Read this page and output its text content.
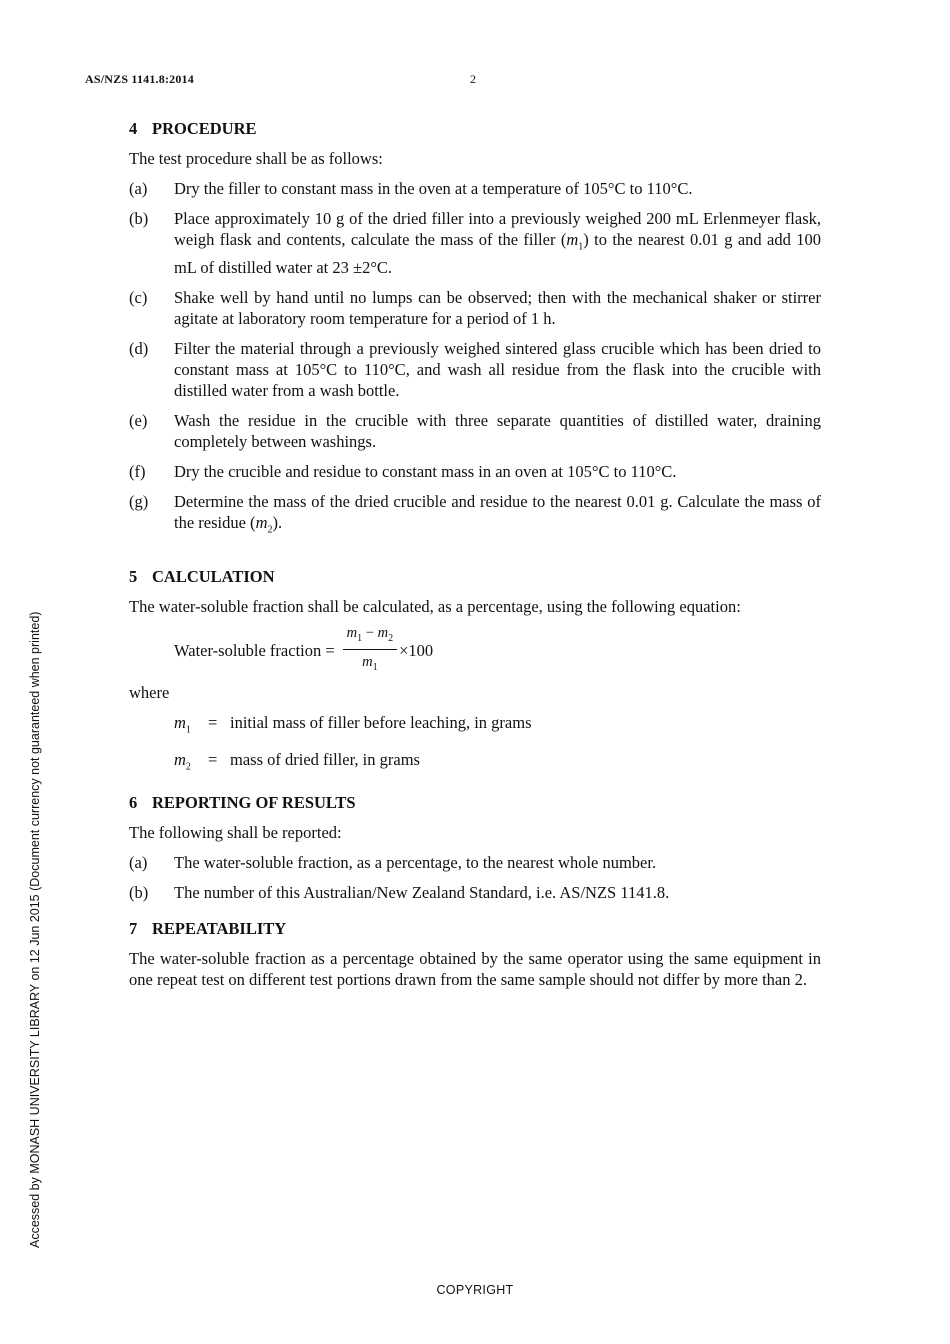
AS/NZS 1141.8:2014	2
4 PROCEDURE
The test procedure shall be as follows:
(a)	Dry the filler to constant mass in the oven at a temperature of 105°C to 110°C.
(b)	Place approximately 10 g of the dried filler into a previously weighed 200 mL Erlenmeyer flask, weigh flask and contents, calculate the mass of the filler $(m_1)$ to the nearest 0.01 g and add 100 mL of distilled water at 23 ±2°C.
(c)	Shake well by hand until no lumps can be observed; then with the mechanical shaker or stirrer agitate at laboratory room temperature for a period of 1 h.
(d)	Filter the material through a previously weighed sintered glass crucible which has been dried to constant mass at 105°C to 110°C, and wash all residue from the flask into the crucible with distilled water from a wash bottle.
(e)	Wash the residue in the crucible with three separate quantities of distilled water, draining completely between washings.
(f)	Dry the crucible and residue to constant mass in an oven at 105°C to 110°C.
(g)	Determine the mass of the dried crucible and residue to the nearest 0.01 g. Calculate the mass of the residue $(m_2)$.
5 CALCULATION
The water-soluble fraction shall be calculated, as a percentage, using the following equation:
Water-soluble fraction = $\frac{m_1 - m_2}{m_1} \times 100$
where
$m_1$	= initial mass of filler before leaching, in grams
$m_2$	= mass of dried filler, in grams
6 REPORTING OF RESULTS
The following shall be reported:
(a)	The water-soluble fraction, as a percentage, to the nearest whole number.
(b)	The number of this Australian/New Zealand Standard, i.e. AS/NZS 1141.8.
7 REPEATABILITY
The water-soluble fraction as a percentage obtained by the same operator using the same equipment in one repeat test on different test portions drawn from the same sample should not differ by more than 2.
Accessed by MONASH UNIVERSITY LIBRARY on 12 Jun 2015 (Document currency not guaranteed when printed)
COPYRIGHT
